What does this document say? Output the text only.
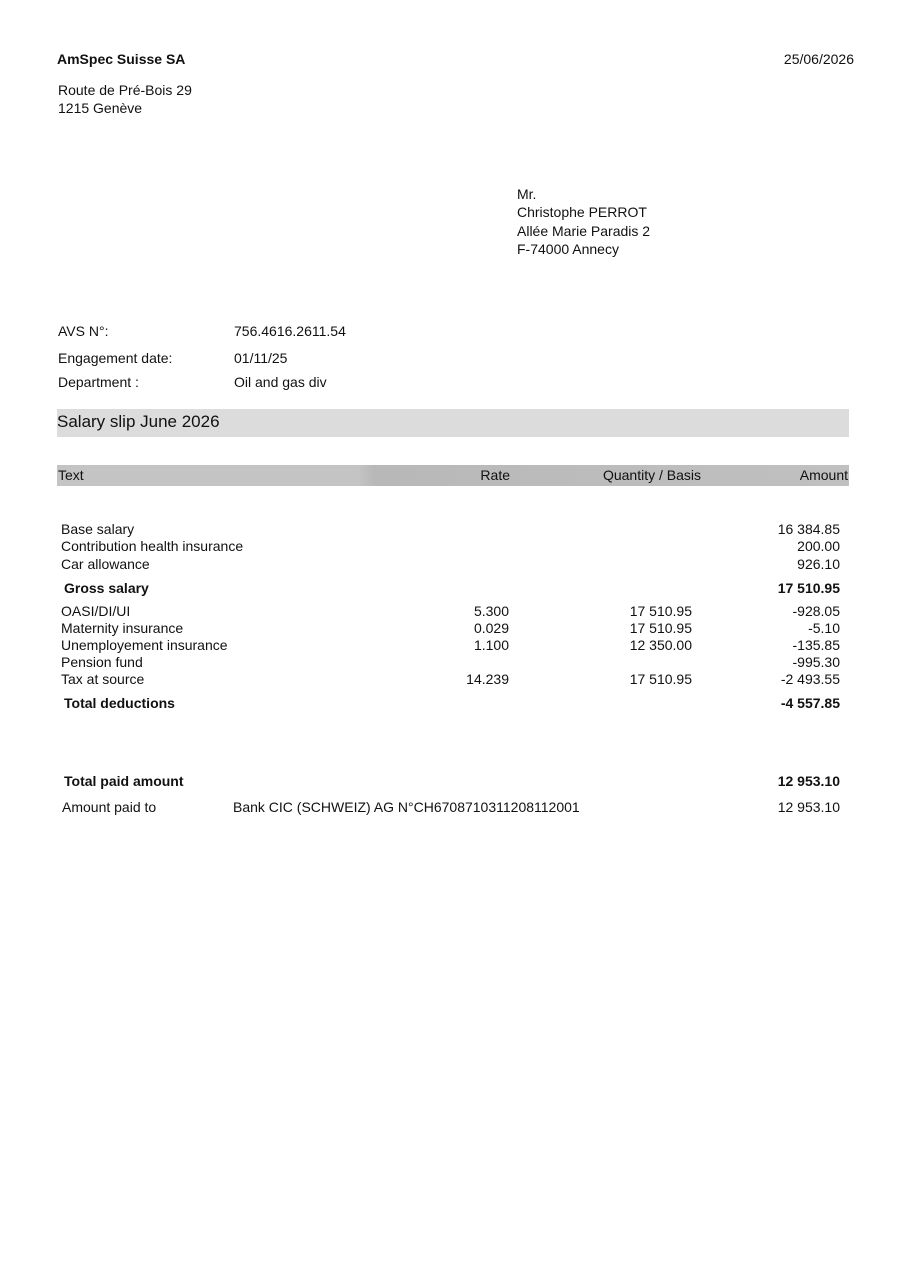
AmSpec Suisse SA	25/06/2026
Route de Pré-Bois 29
1215 Genève
Mr.
Christophe PERROT
Allée Marie Paradis 2
F-74000 Annecy
AVS N°:	756.4616.2611.54
Engagement date:	01/11/25
Department :	Oil and gas div
Salary slip June 2026
Text	Rate	Quantity / Basis	Amount
Base salary	16 384.85
Contribution health insurance	200.00
Car allowance	926.10
Gross salary	17 510.95
OASI/DI/UI	5.300	17 510.95	-928.05
Maternity insurance	0.029	17 510.95	-5.10
Unemployement insurance	1.100	12 350.00	-135.85
Pension fund	-995.30
Tax at source	14.239	17 510.95	-2 493.55
Total deductions	-4 557.85
Total paid amount	12 953.10
Amount paid to	Bank CIC (SCHWEIZ) AG N°CH6708710311208112001	12 953.10
